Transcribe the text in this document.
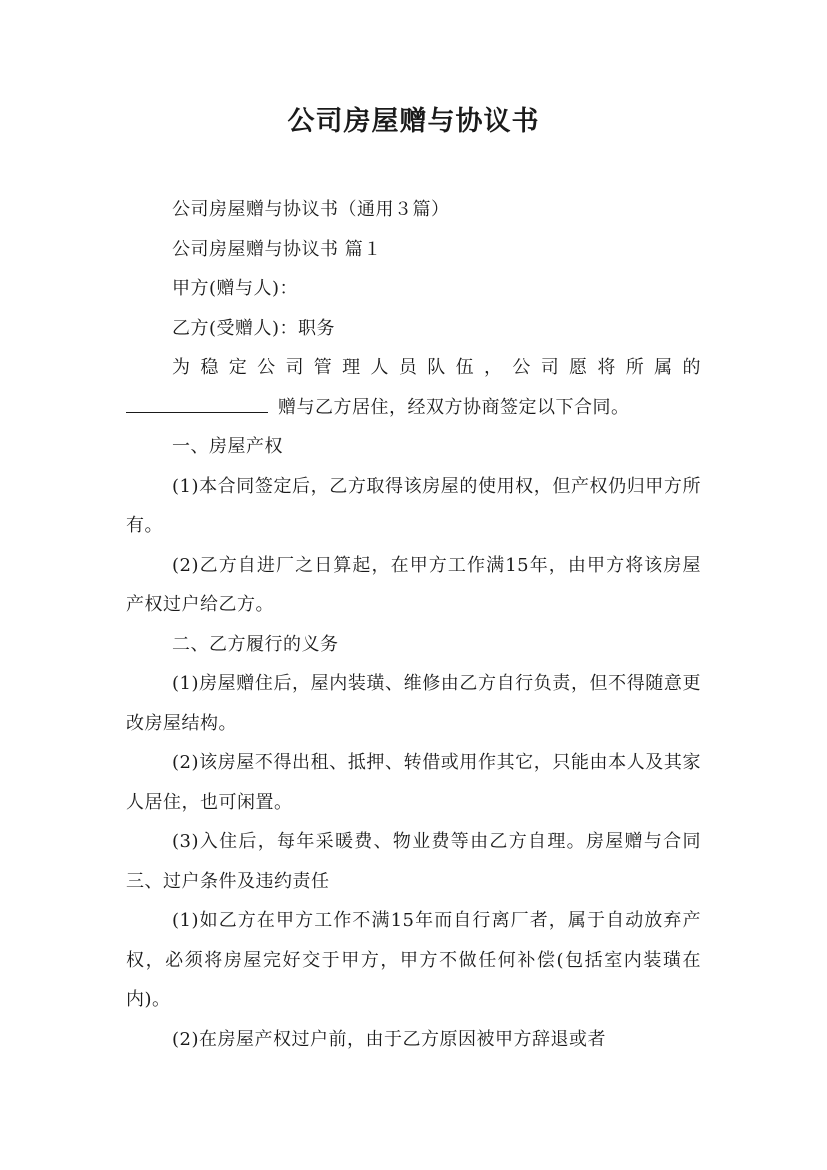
公司房屋赠与协议书

公司房屋赠与协议书（通用３篇）

公司房屋赠与协议书 篇１

甲方(赠与人)：

乙方(受赠人)：职务

为稳定公司管理人员队伍，公司愿将所属的

赠与乙方居住，经双方协商签定以下合同。

一、房屋产权

(1)本合同签定后，乙方取得该房屋的使用权，但产权仍归甲方所有。

(2)乙方自进厂之日算起，在甲方工作满15年，由甲方将该房屋产权过户给乙方。

二、乙方履行的义务

(1)房屋赠住后，屋内装璜、维修由乙方自行负责，但不得随意更改房屋结构。

(2)该房屋不得出租、抵押、转借或用作其它，只能由本人及其家人居住，也可闲置。

(3)入住后，每年采暖费、物业费等由乙方自理。房屋赠与合同三、过户条件及违约责任

(1)如乙方在甲方工作不满15年而自行离厂者，属于自动放弃产权，必须将房屋完好交于甲方，甲方不做任何补偿(包括室内装璜在内)。

(2)在房屋产权过户前，由于乙方原因被甲方辞退或者
